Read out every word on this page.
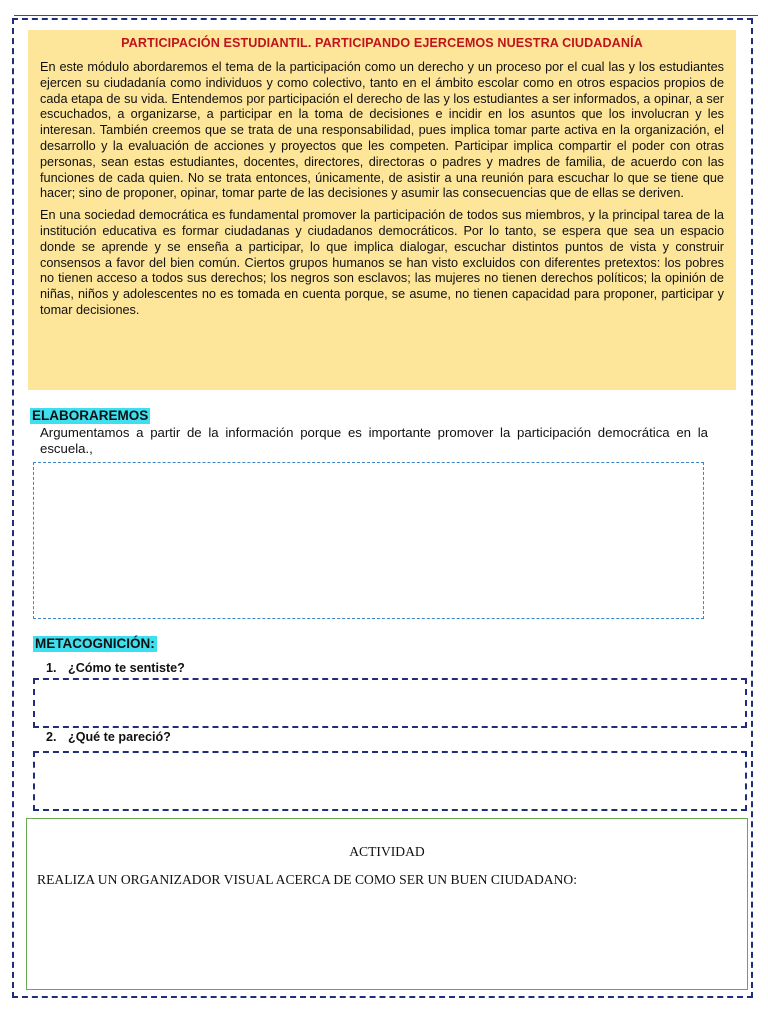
PARTICIPACIÓN ESTUDIANTIL. PARTICIPANDO EJERCEMOS NUESTRA CIUDADANÍA

En este módulo abordaremos el tema de la participación como un derecho y un proceso por el cual las y los estudiantes ejercen su ciudadanía como individuos y como colectivo, tanto en el ámbito escolar como en otros espacios propios de cada etapa de su vida. Entendemos por participación el derecho de las y los estudiantes a ser informados, a opinar, a ser escuchados, a organizarse, a participar en la toma de decisiones e incidir en los asuntos que los involucran y les interesan. También creemos que se trata de una responsabilidad, pues implica tomar parte activa en la organización, el desarrollo y la evaluación de acciones y proyectos que les competen. Participar implica compartir el poder con otras personas, sean estas estudiantes, docentes, directores, directoras o padres y madres de familia, de acuerdo con las funciones de cada quien. No se trata entonces, únicamente, de asistir a una reunión para escuchar lo que se tiene que hacer; sino de proponer, opinar, tomar parte de las decisiones y asumir las consecuencias que de ellas se deriven.

En una sociedad democrática es fundamental promover la participación de todos sus miembros, y la principal tarea de la institución educativa es formar ciudadanas y ciudadanos democráticos. Por lo tanto, se espera que sea un espacio donde se aprende y se enseña a participar, lo que implica dialogar, escuchar distintos puntos de vista y construir consensos a favor del bien común. Ciertos grupos humanos se han visto excluidos con diferentes pretextos: los pobres no tienen acceso a todos sus derechos; los negros son esclavos; las mujeres no tienen derechos políticos; la opinión de niñas, niños y adolescentes no es tomada en cuenta porque, se asume, no tienen capacidad para proponer, participar y tomar decisiones.

ELABORAREMOS
Argumentamos a partir de la información porque es importante promover la participación democrática en la escuela.,
METACOGNICIÓN:
1. ¿Cómo te sentiste?
2. ¿Qué te pareció?
ACTIVIDAD
REALIZA UN ORGANIZADOR VISUAL ACERCA DE COMO SER UN BUEN CIUDADANO:
